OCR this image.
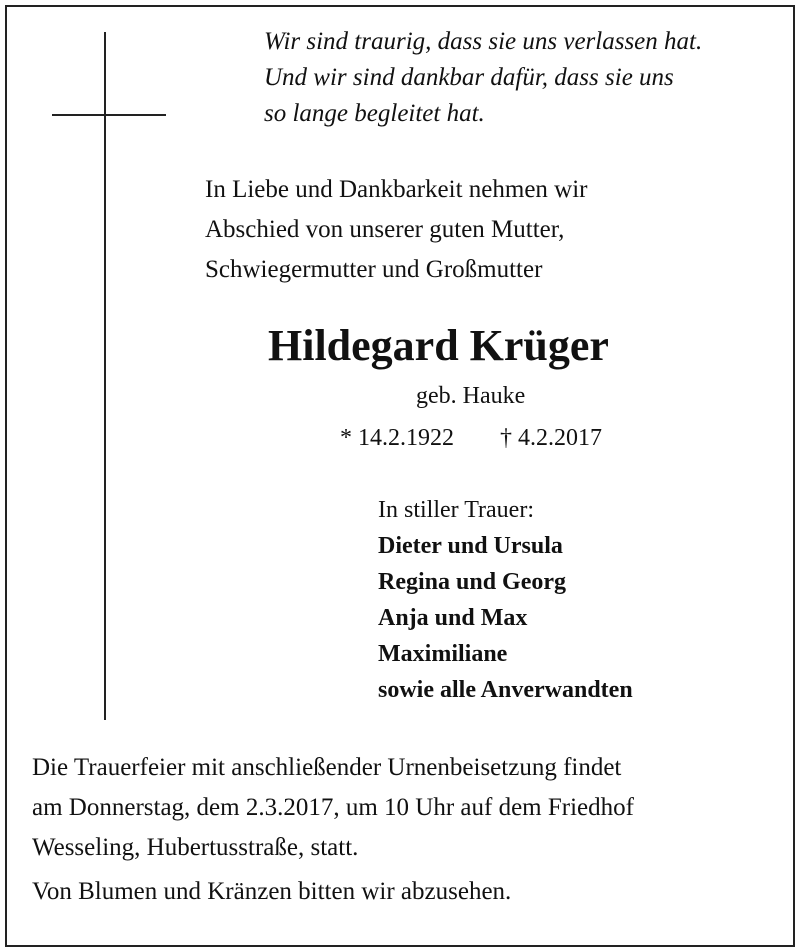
Wir sind traurig, dass sie uns verlassen hat.
Und wir sind dankbar dafür, dass sie uns
so lange begleitet hat.
In Liebe und Dankbarkeit nehmen wir
Abschied von unserer guten Mutter,
Schwiegermutter und Großmutter
Hildegard Krüger
geb. Hauke
* 14.2.1922 † 4.2.2017
In stiller Trauer:
Dieter und Ursula
Regina und Georg
Anja und Max
Maximiliane
sowie alle Anverwandten
Die Trauerfeier mit anschließender Urnenbeisetzung findet
am Donnerstag, dem 2.3.2017, um 10 Uhr auf dem Friedhof
Wesseling, Hubertusstraße, statt.
Von Blumen und Kränzen bitten wir abzusehen.
